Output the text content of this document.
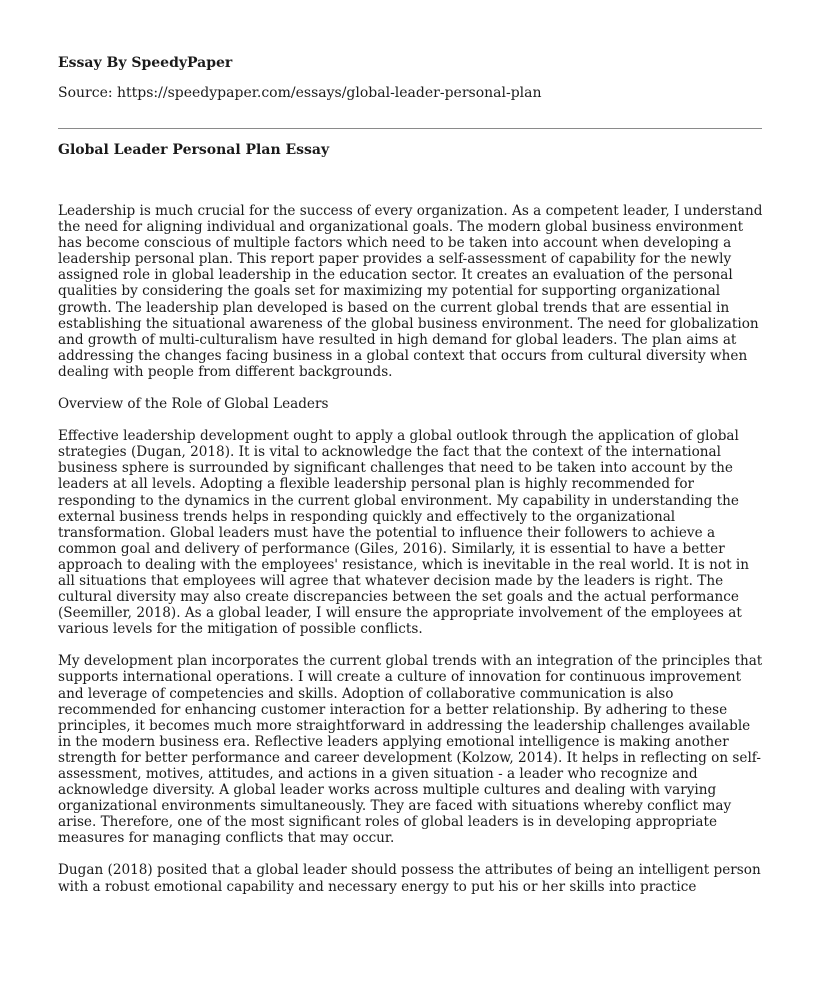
Essay By SpeedyPaper
Source: https://speedypaper.com/essays/global-leader-personal-plan
Global Leader Personal Plan Essay

Leadership is much crucial for the success of every organization. As a competent leader, I understand the need for aligning individual and organizational goals. The modern global business environment has become conscious of multiple factors which need to be taken into account when developing a leadership personal plan. This report paper provides a self-assessment of capability for the newly assigned role in global leadership in the education sector. It creates an evaluation of the personal qualities by considering the goals set for maximizing my potential for supporting organizational growth. The leadership plan developed is based on the current global trends that are essential in establishing the situational awareness of the global business environment. The need for globalization and growth of multi-culturalism have resulted in high demand for global leaders. The plan aims at addressing the changes facing business in a global context that occurs from cultural diversity when dealing with people from different backgrounds.

Overview of the Role of Global Leaders

Effective leadership development ought to apply a global outlook through the application of global strategies (Dugan, 2018). It is vital to acknowledge the fact that the context of the international business sphere is surrounded by significant challenges that need to be taken into account by the leaders at all levels. Adopting a flexible leadership personal plan is highly recommended for responding to the dynamics in the current global environment. My capability in understanding the external business trends helps in responding quickly and effectively to the organizational transformation. Global leaders must have the potential to influence their followers to achieve a common goal and delivery of performance (Giles, 2016). Similarly, it is essential to have a better approach to dealing with the employees' resistance, which is inevitable in the real world. It is not in all situations that employees will agree that whatever decision made by the leaders is right. The cultural diversity may also create discrepancies between the set goals and the actual performance (Seemiller, 2018). As a global leader, I will ensure the appropriate involvement of the employees at various levels for the mitigation of possible conflicts.

My development plan incorporates the current global trends with an integration of the principles that supports international operations. I will create a culture of innovation for continuous improvement and leverage of competencies and skills. Adoption of collaborative communication is also recommended for enhancing customer interaction for a better relationship. By adhering to these principles, it becomes much more straightforward in addressing the leadership challenges available in the modern business era. Reflective leaders applying emotional intelligence is making another strength for better performance and career development (Kolzow, 2014). It helps in reflecting on self-assessment, motives, attitudes, and actions in a given situation - a leader who recognize and acknowledge diversity. A global leader works across multiple cultures and dealing with varying organizational environments simultaneously. They are faced with situations whereby conflict may arise. Therefore, one of the most significant roles of global leaders is in developing appropriate measures for managing conflicts that may occur.

Dugan (2018) posited that a global leader should possess the attributes of being an intelligent person with a robust emotional capability and necessary energy to put his or her skills into practice
